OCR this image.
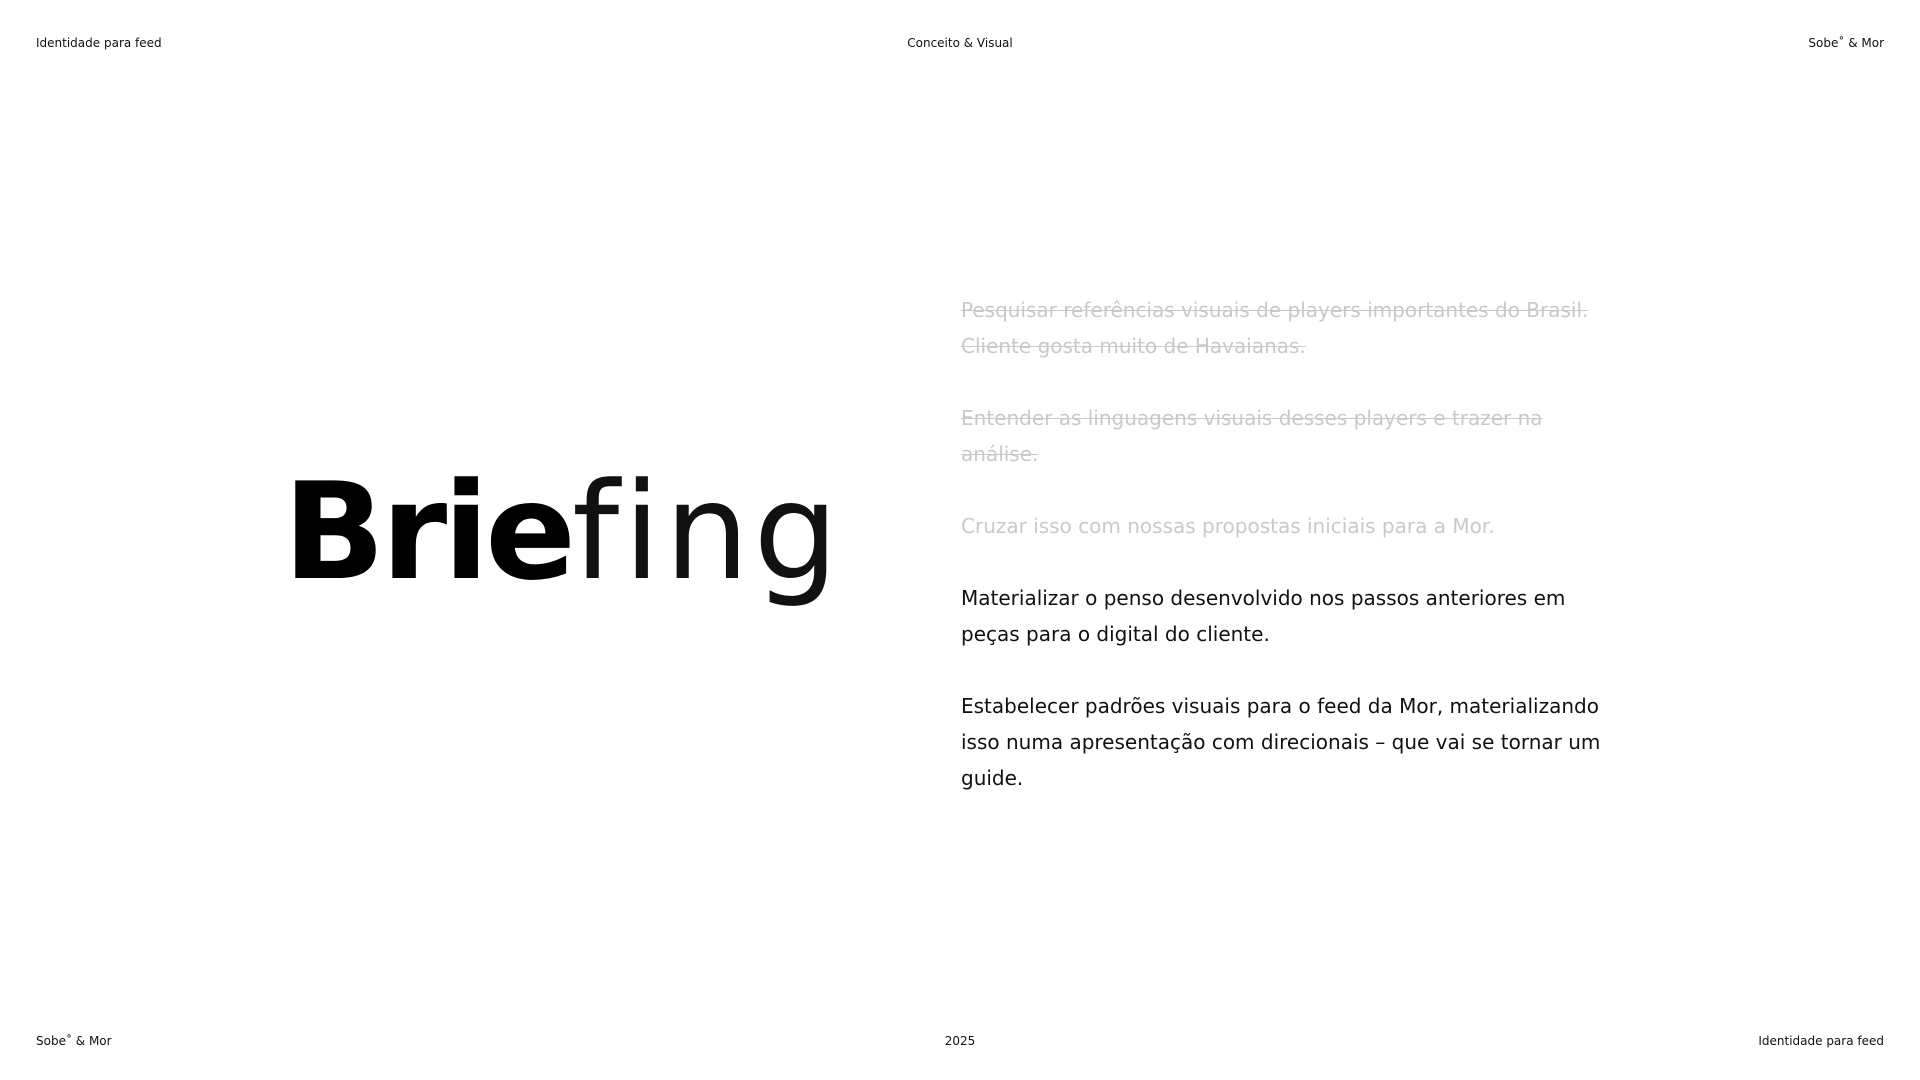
Identidade para feed	Conceito & Visual	Sobe˚ & Mor
Briefing
Pesquisar referências visuais de players importantes do Brasil. Cliente gosta muito de Havaianas.
Entender as linguagens visuais desses players e trazer na análise.
Cruzar isso com nossas propostas iniciais para a Mor.
Materializar o penso desenvolvido nos passos anteriores em peças para o digital do cliente.
Estabelecer padrões visuais para o feed da Mor, materializando isso numa apresentação com direcionais – que vai se tornar um guide.
Sobe˚ & Mor	2025	Identidade para feed
